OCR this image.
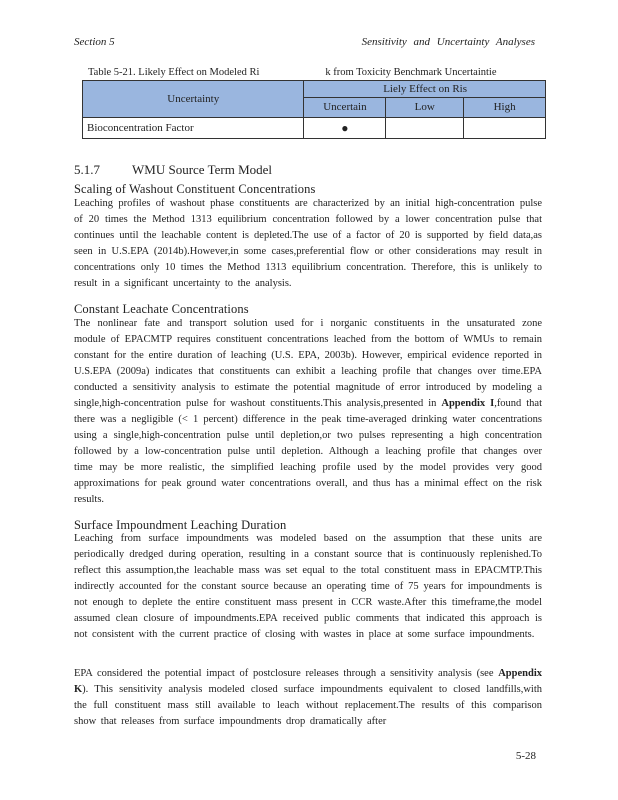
Section 5	Sensitivity and Uncertainty Analyses
Table 5-21. Likely Effect on Modeled Ri	k from Toxicity Benchmark Uncertaintie
Uncertainty	Liely Effect on Ris		
	Uncertain	Low	High
Bioconcentration Factor	●		
5.1.7 WMU Source Term Model
Scaling of Washout Constituent Concentrations
Leaching profiles of washout phase constituents are characterized by an initial high-concentration pulse of 20 times the Method 1313 equilibrium concentration followed by a lower concentration pulse that continues until the leachable content is depleted.The use of a factor of 20 is supported by field data,as seen in U.S.EPA (2014b).However,in some cases,preferential flow or other considerations may result in concentrations only 10 times the Method 1313 equilibrium concentration. Therefore, this is unlikely to result in a significant uncertainty to the analysis.
Constant Leachate Concentrations
The nonlinear fate and transport solution used for i norganic constituents in the unsaturated zone module of EPACMTP requires constituent concentrations leached from the bottom of WMUs to remain constant for the entire duration of leaching (U.S. EPA, 2003b). However, empirical evidence reported in U.S.EPA (2009a) indicates that constituents can exhibit a leaching profile that changes over time.EPA conducted a sensitivity analysis to estimate the potential magnitude of error introduced by modeling a single,high-concentration pulse for washout constituents.This analysis,presented in Appendix I,found that there was a negligible (< 1 percent) difference in the peak time-averaged drinking water concentrations using a single,high-concentration pulse until depletion,or two pulses representing a high concentration followed by a low-concentration pulse until depletion. Although a leaching profile that changes over time may be more realistic, the simplified leaching profile used by the model provides very good approximations for peak ground water concentrations overall, and thus has a minimal effect on the risk results.
Surface Impoundment Leaching Duration
Leaching from surface impoundments was modeled based on the assumption that these units are periodically dredged during operation, resulting in a constant source that is continuously replenished.To reflect this assumption,the leachable mass was set equal to the total constituent mass in EPACMTP.This indirectly accounted for the constant source because an operating time of 75 years for impoundments is not enough to deplete the entire constituent mass present in CCR waste.After this timeframe,the model assumed clean closure of impoundments.EPA received public comments that indicated this approach is not consistent with the current practice of closing with wastes in place at some surface impoundments.
EPA considered the potential impact of postclosure releases through a sensitivity analysis (see Appendix K). This sensitivity analysis modeled closed surface impoundments equivalent to closed landfills,with the full constituent mass still available to leach without replacement.The results of this comparison show that releases from surface impoundments drop dramatically after
5-28
